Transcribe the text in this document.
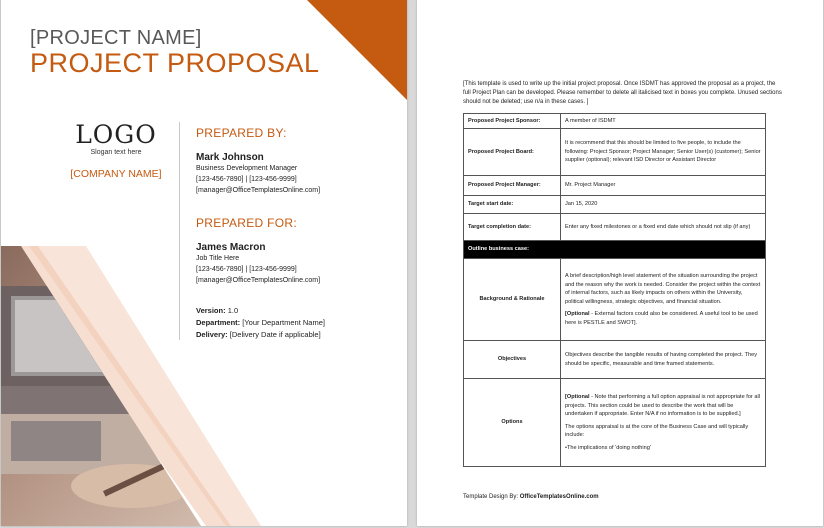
[PROJECT NAME]
PROJECT PROPOSAL
LOGO
Slogan text here
[COMPANY NAME]
PREPARED BY:
Mark Johnson
Business Development Manager
[123-456-7890] | [123-456-9999]
[manager@OfficeTemplatesOnline.com]
PREPARED FOR:
James Macron
Job Title Here
[123-456-7890] | [123-456-9999]
[manager@OfficeTemplatesOnline.com]
Version: 1.0
Department: [Your Department Name]
Delivery: [Delivery Date if applicable]
[This template is used to write up the initial project proposal. Once ISDMT has approved the proposal as a project, the full Project Plan can be developed. Please remember to delete all italicised text in boxes you complete. Unused sections should not be deleted; use n/a in these cases. ]
Proposed Project Sponsor:	A member of ISDMT
Proposed Project Board:	It is recommend that this should be limited to five people, to include the following: Project Sponsor; Project Manager; Senior User(s) (customer); Senior supplier (optional); relevant ISD Director or Assistant Director
Proposed Project Manager:	Mr. Project Manager
Target start date:	Jan 15, 2020
Target completion date:	Enter any fixed milestones or a fixed end date which should not slip (if any)
Outline business case:	
Background & Rationale	A brief description/high level statement of the situation surrounding the project and the reason why the work is needed. Consider the project within the context of internal factors, such as likely impacts on others within the University, political willingness, strategic objectives, and financial situation.

[Optional - External factors could also be considered. A useful tool to be used here is PESTLE and SWOT].

Objectives	Objectives describe the tangible results of having completed the project. They should be specific, measurable and time framed statements.
Options	[Optional - Note that performing a full option appraisal is not appropriate for all projects. This section could be used to describe the work that will be undertaken if appropriate. Enter N/A if no information is to be supplied.]

The options appraisal is at the core of the Business Case and will typically include:

•The implications of 'doing nothing'

Template Design By: OfficeTemplatesOnline.com
